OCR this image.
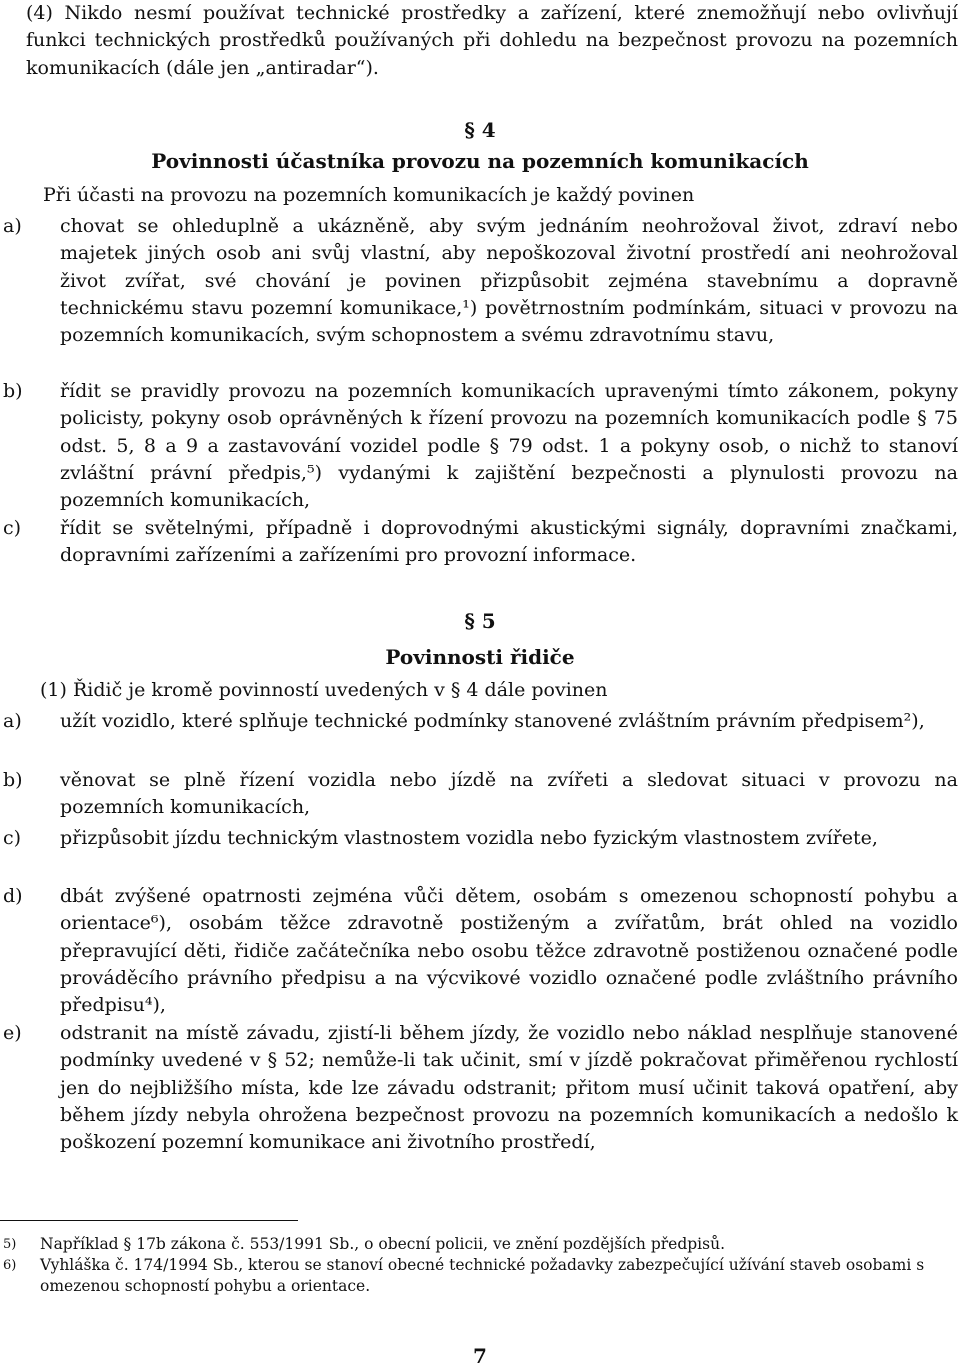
(4) Nikdo nesmí používat technické prostředky a zařízení, které znemožňují nebo ovlivňují funkci technických prostředků používaných při dohledu na bezpečnost provozu na pozemních komunikacích (dále jen „antiradar“).
§ 4
Povinnosti účastníka provozu na pozemních komunikacích
Při účasti na provozu na pozemních komunikacích je každý povinen
a) chovat se ohleduplně a ukázněně, aby svým jednáním neohrožoval život, zdraví nebo majetek jiných osob ani svůj vlastní, aby nepoškozoval životní prostředí ani neohrožoval život zvířat, své chování je povinen přizpůsobit zejména stavebnímu a dopravně technickému stavu pozemní komunikace,¹) povětrnostním podmínkám, situaci v provozu na pozemních komunikacích, svým schopnostem a svému zdravotnímu stavu,
b) řídit se pravidly provozu na pozemních komunikacích upravenými tímto zákonem, pokyny policisty, pokyny osob oprávněných k řízení provozu na pozemních komunikacích podle § 75 odst. 5, 8 a 9 a zastavování vozidel podle § 79 odst. 1 a pokyny osob, o nichž to stanoví zvláštní právní předpis,⁵) vydanými k zajištění bezpečnosti a plynulosti provozu na pozemních komunikacích,
c) řídit se světelnými, případně i doprovodnými akustickými signály, dopravními značkami, dopravními zařízeními a zařízeními pro provozní informace.
§ 5
Povinnosti řidiče
(1) Řidič je kromě povinností uvedených v § 4 dále povinen
a) užít vozidlo, které splňuje technické podmínky stanovené zvláštním právním předpisem²),
b) věnovat se plně řízení vozidla nebo jízdě na zvířeti a sledovat situaci v provozu na pozemních komunikacích,
c) přizpůsobit jízdu technickým vlastnostem vozidla nebo fyzickým vlastnostem zvířete,
d) dbát zvýšené opatrnosti zejména vůči dětem, osobám s omezenou schopností pohybu a orientace⁶), osobám těžce zdravotně postiženým a zvířatům, brát ohled na vozidlo přepravující děti, řidiče začátečníka nebo osobu těžce zdravotně postiženou označené podle prováděcího právního předpisu a na výcvikové vozidlo označené podle zvláštního právního předpisu⁴),
e) odstranit na místě závadu, zjistí-li během jízdy, že vozidlo nebo náklad nesplňuje stanovené podmínky uvedené v § 52; nemůže-li tak učinit, smí v jízdě pokračovat přiměřenou rychlostí jen do nejbližšího místa, kde lze závadu odstranit; přitom musí učinit taková opatření, aby během jízdy nebyla ohrožena bezpečnost provozu na pozemních komunikacích a nedošlo k poškození pozemní komunikace ani životního prostředí,
5) Například § 17b zákona č. 553/1991 Sb., o obecní policii, ve znění pozdějších předpisů.
6) Vyhláška č. 174/1994 Sb., kterou se stanoví obecné technické požadavky zabezpečující užívání staveb osobami s omezenou schopností pohybu a orientace.
7
